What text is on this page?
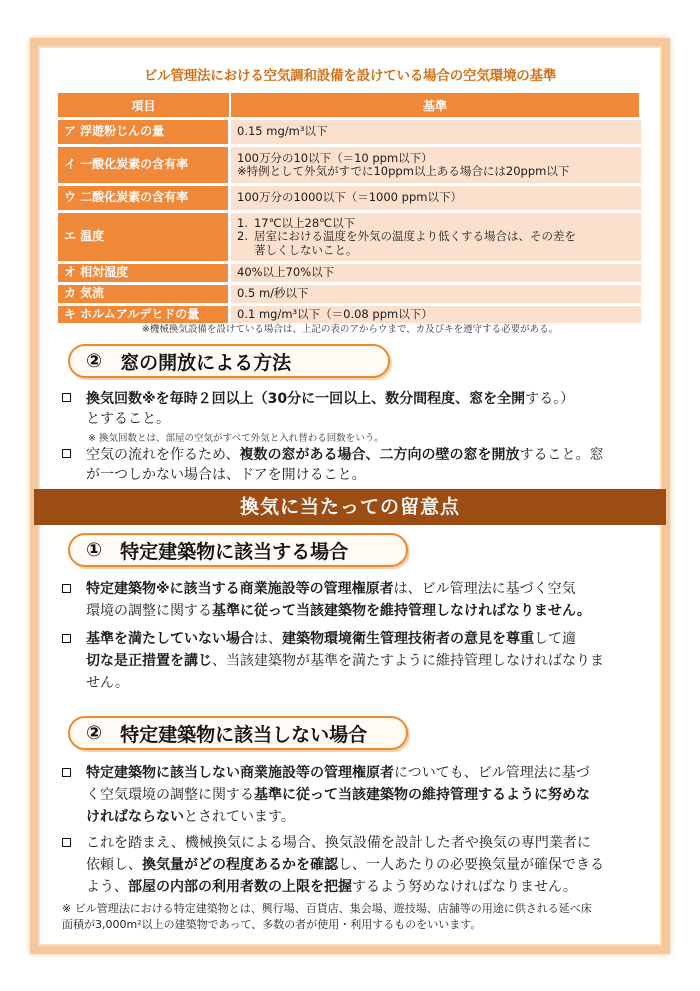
ビル管理法における空気調和設備を設けている場合の空気環境の基準
項目	基準
ア 浮遊粉じんの量	0.15 mg/m³以下
イ 一酸化炭素の含有率	100万分の10以下（＝10 ppm以下）
※特例として外気がすでに10ppm以上ある場合には20ppm以下

ウ 二酸化炭素の含有率	100万分の1000以下（＝1000 ppm以下）
エ 温度	1. 17℃以上28℃以下
2. 居室における温度を外気の温度より低くする場合は、その差を
著しくしないこと。

オ 相対湿度	40%以上70%以下
カ 気流	0.5 m/秒以下
キ ホルムアルデヒドの量	0.1 mg/m³以下（＝0.08 ppm以下）
※機械換気設備を設けている場合は、上記の表のアからウまで、カ及びキを遵守する必要がある。
② 窓の開放による方法
換気回数※を毎時２回以上（30分に一回以上、数分間程度、窓を全開する。）
とすること。
※ 換気回数とは、部屋の空気がすべて外気と入れ替わる回数をいう。
空気の流れを作るため、複数の窓がある場合、二方向の壁の窓を開放すること。窓
が一つしかない場合は、ドアを開けること。
換気に当たっての留意点
① 特定建築物に該当する場合
特定建築物※に該当する商業施設等の管理権原者は、ビル管理法に基づく空気
環境の調整に関する基準に従って当該建築物を維持管理しなければなりません。
基準を満たしていない場合は、建築物環境衛生管理技術者の意見を尊重して適
切な是正措置を講じ、当該建築物が基準を満たすように維持管理しなければなりま
せん。
② 特定建築物に該当しない場合
特定建築物に該当しない商業施設等の管理権原者についても、ビル管理法に基づ
く空気環境の調整に関する基準に従って当該建築物の維持管理するように努めな
ければならないとされています。
これを踏まえ、機械換気による場合、換気設備を設計した者や換気の専門業者に
依頼し、換気量がどの程度あるかを確認し、一人あたりの必要換気量が確保できる
よう、部屋の内部の利用者数の上限を把握するよう努めなければなりません。
※ ビル管理法における特定建築物とは、興行場、百貨店、集会場、遊技場、店舗等の用途に供される延べ床
面積が3,000m²以上の建築物であって、多数の者が使用・利用するものをいいます。
